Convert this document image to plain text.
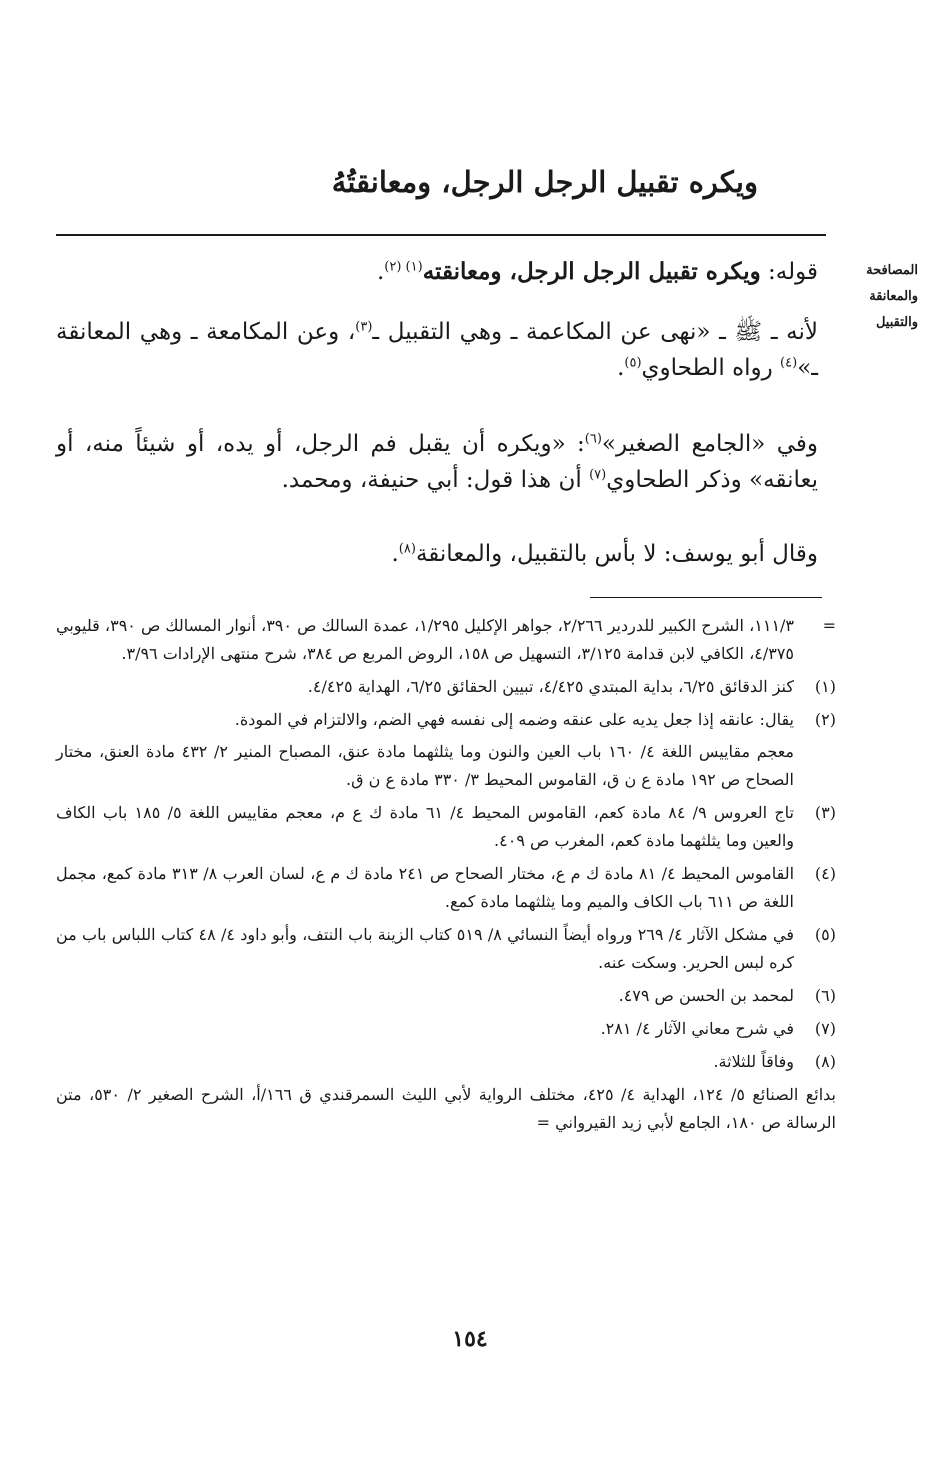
ويكره تقبيل الرجل الرجل، ومعانقتُهُ
المصافحة
والمعانقة
والتقبيل

قوله: ويكره تقبيل الرجل الرجل، ومعانقته$^{(١) (٢)}$.

لأنه ـ ﷺ ـ «نهى عن المكاعمة ـ وهي التقبيل ـ$^{(٣)}$، وعن المكامعة ـ وهي المعانقة ـ»$^{(٤)}$ رواه الطحاوي$^{(٥)}$.

وفي «الجامع الصغير»$^{(٦)}$: «ويكره أن يقبل فم الرجل، أو يده، أو شيئاً منه، أو يعانقه» وذكر الطحاوي$^{(٧)}$ أن هذا قول: أبي حنيفة، ومحمد.

وقال أبو يوسف: لا بأس بالتقبيل، والمعانقة$^{(٨)}$.

=
١١١/٣، الشرح الكبير للدردير ٢/٢٦٦، جواهر الإكليل ١/٢٩٥، عمدة السالك ص ٣٩٠، أنوار المسالك ص ٣٩٠، قليوبي ٤/٣٧٥، الكافي لابن قدامة ٣/١٢٥، التسهيل ص ١٥٨، الروض المربع ص ٣٨٤، شرح منتهى الإرادات ٣/٩٦.
(١)
كنز الدقائق ٦/٢٥، بداية المبتدي ٤/٤٢٥، تبيين الحقائق ٦/٢٥، الهداية ٤/٤٢٥.
(٢)
يقال: عانقه إذا جعل يديه على عنقه وضمه إلى نفسه فهي الضم، والالتزام في المودة.
معجم مقاييس اللغة ٤/ ١٦٠ باب العين والنون وما يثلثهما مادة عنق، المصباح المنير ٢/ ٤٣٢ مادة العنق، مختار الصحاح ص ١٩٢ مادة ع ن ق، القاموس المحيط ٣/ ٣٣٠ مادة ع ن ق.
(٣)
تاج العروس ٩/ ٨٤ مادة كعم، القاموس المحيط ٤/ ٦١ مادة ك ع م، معجم مقاييس اللغة ٥/ ١٨٥ باب الكاف والعين وما يثلثهما مادة كعم، المغرب ص ٤٠٩.
(٤)
القاموس المحيط ٤/ ٨١ مادة ك م ع، مختار الصحاح ص ٢٤١ مادة ك م ع، لسان العرب ٨/ ٣١٣ مادة كمع، مجمل اللغة ص ٦١١ باب الكاف والميم وما يثلثهما مادة كمع.
(٥)
في مشكل الآثار ٤/ ٢٦٩ ورواه أيضاً النسائي ٨/ ٥١٩ كتاب الزينة باب النتف، وأبو داود ٤/ ٤٨ كتاب اللباس باب من كره لبس الحرير. وسكت عنه.
(٦)
لمحمد بن الحسن ص ٤٧٩.
(٧)
في شرح معاني الآثار ٤/ ٢٨١.
(٨)
وفاقاً للثلاثة.
بدائع الصنائع ٥/ ١٢٤، الهداية ٤/ ٤٢٥، مختلف الرواية لأبي الليث السمرقندي ق ١٦٦/أ، الشرح الصغير ٢/ ٥٣٠، متن الرسالة ص ١٨٠، الجامع لأبي زيد القيرواني =
١٥٤
